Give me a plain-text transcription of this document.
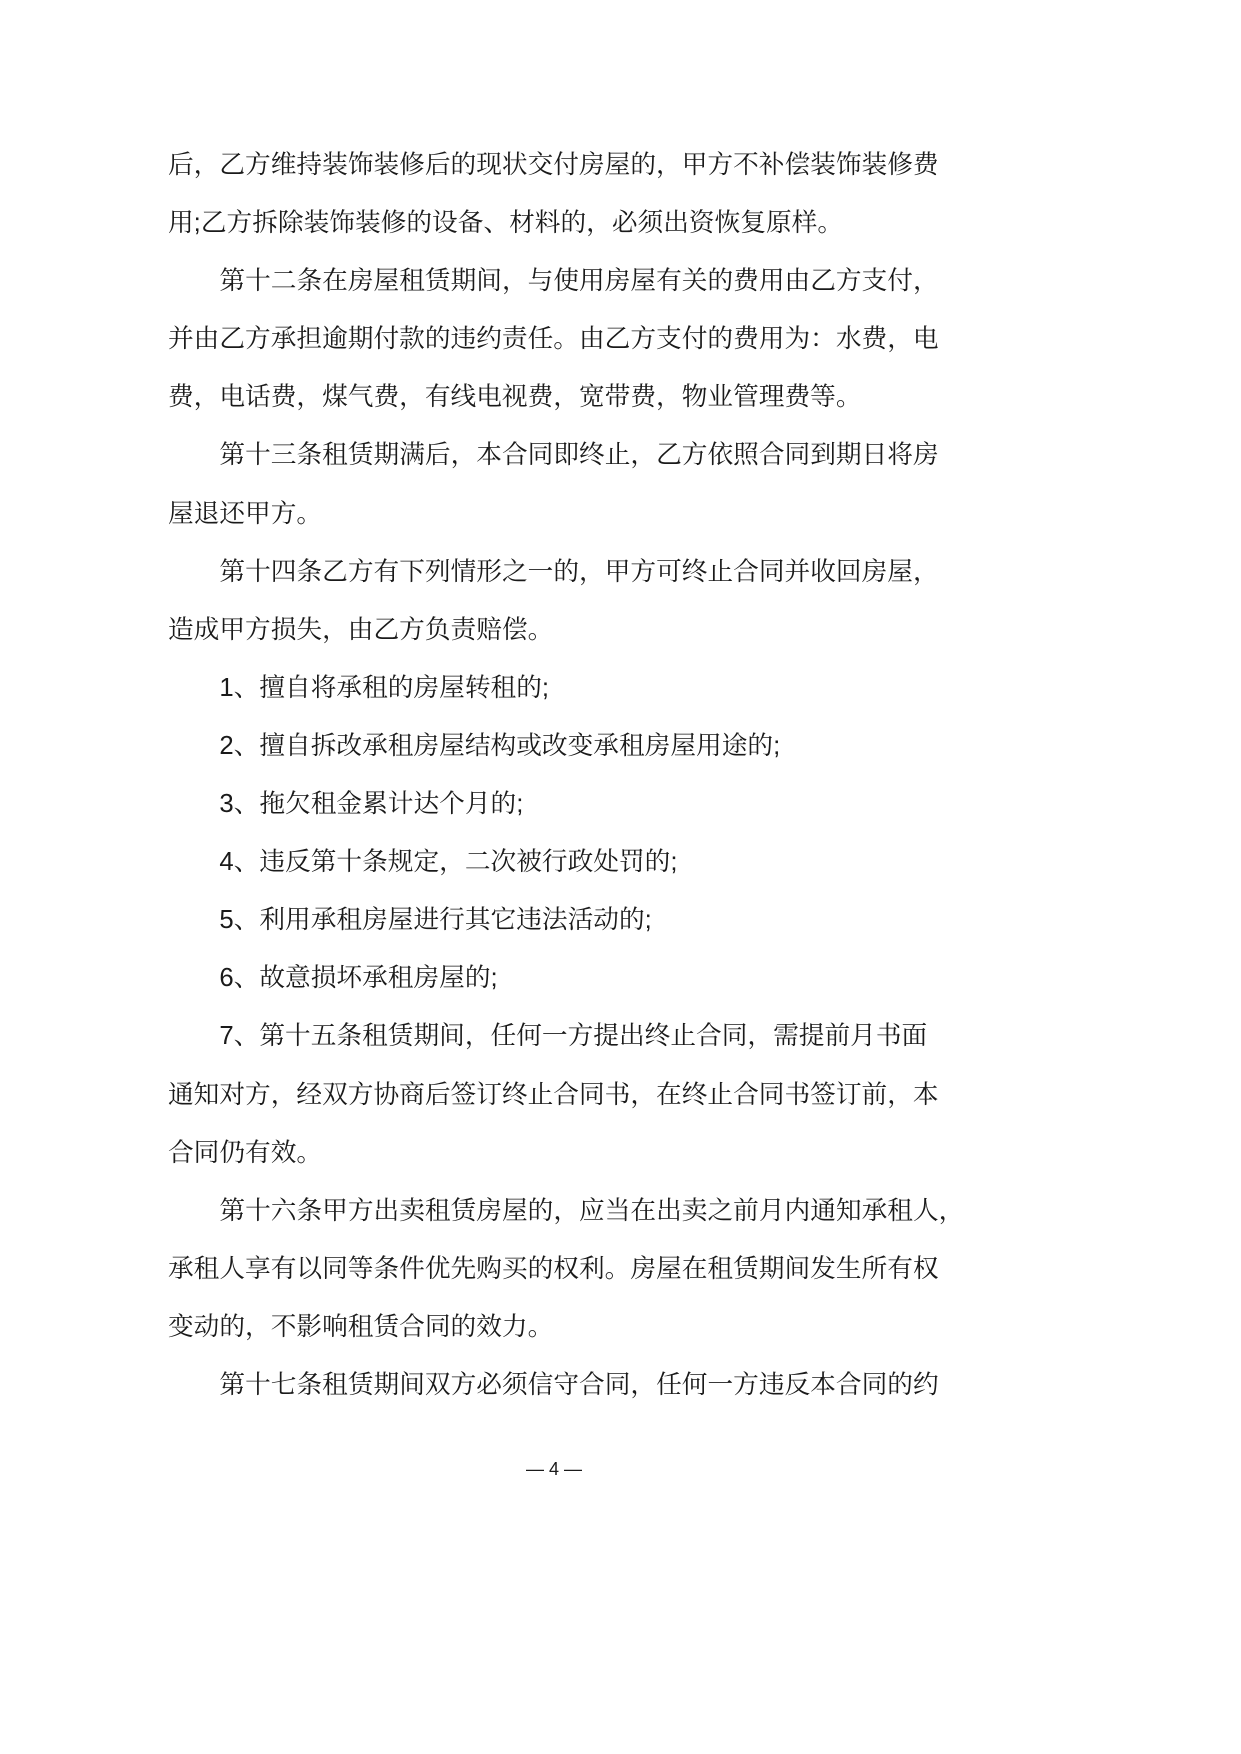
后，乙方维持装饰装修后的现状交付房屋的，甲方不补偿装饰装修费
用;乙方拆除装饰装修的设备、材料的，必须出资恢复原样。
第十二条在房屋租赁期间，与使用房屋有关的费用由乙方支付，
并由乙方承担逾期付款的违约责任。由乙方支付的费用为：水费，电
费，电话费，煤气费，有线电视费，宽带费，物业管理费等。
第十三条租赁期满后，本合同即终止，乙方依照合同到期日将房
屋退还甲方。
第十四条乙方有下列情形之一的，甲方可终止合同并收回房屋，
造成甲方损失，由乙方负责赔偿。
1、擅自将承租的房屋转租的;
2、擅自拆改承租房屋结构或改变承租房屋用途的;
3、拖欠租金累计达个月的;
4、违反第十条规定，二次被行政处罚的;
5、利用承租房屋进行其它违法活动的;
6、故意损坏承租房屋的;
7、第十五条租赁期间，任何一方提出终止合同，需提前月书面
通知对方，经双方协商后签订终止合同书，在终止合同书签订前，本
合同仍有效。
第十六条甲方出卖租赁房屋的，应当在出卖之前月内通知承租人，
承租人享有以同等条件优先购买的权利。房屋在租赁期间发生所有权
变动的，不影响租赁合同的效力。
第十七条租赁期间双方必须信守合同，任何一方违反本合同的约
— 4 —
